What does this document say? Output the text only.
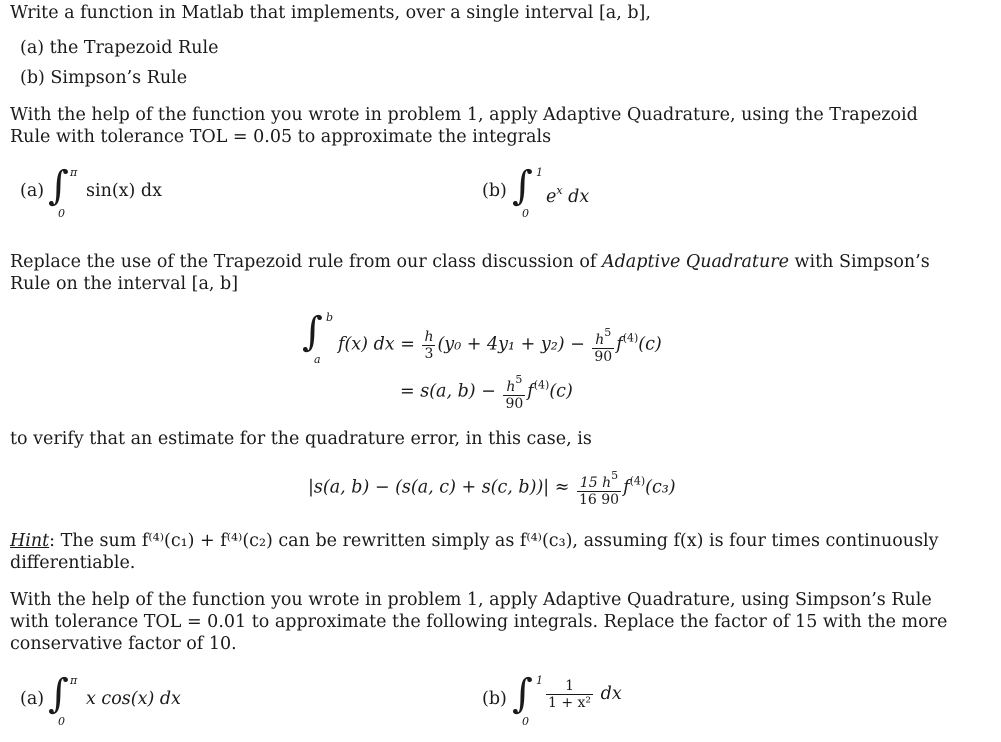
Write a function in Matlab that implements, over a single interval [a, b],
(a) the Trapezoid Rule
(b) Simpson’s Rule
With the help of the function you wrote in problem 1, apply Adaptive Quadrature, using the Trapezoid Rule with tolerance TOL = 0.05 to approximate the integrals
(a) ∫ π
0
sin(x) dx	(b) ∫ 1
0
$e^x$ dx
Replace the use of the Trapezoid rule from our class discussion of Adaptive Quadrature with Simpson’s Rule on the interval [a, b]
∫ b
a
f(x) dx = $\frac{h}{3} (y_0 + 4y_1 + y_2) - \frac{h^5}{90} f^{(4)}(c)$
= s(a, $b) - \frac{h^5}{90} f^{(4)}(c)$
to verify that an estimate for the quadrature error, in this case, is
|s(a, b) − (s(a, c) + s(c, $b))| \approx \frac{15 h^5}{16 90} f^{(4)}(c_3)$
Hint: The sum f⁽⁴⁾(c₁) + f⁽⁴⁾(c₂) can be rewritten simply as f⁽⁴⁾(c₃), assuming f(x) is four times continuously differentiable.
With the help of the function you wrote in problem 1, apply Adaptive Quadrature, using Simpson’s Rule with tolerance TOL = 0.01 to approximate the following integrals. Replace the factor of 15 with the more conservative factor of 10.
(a) ∫ π
0
x cos(x) dx	(b) ∫ 1
0
$\frac{1}{\text{1 + x²}}$ dx
